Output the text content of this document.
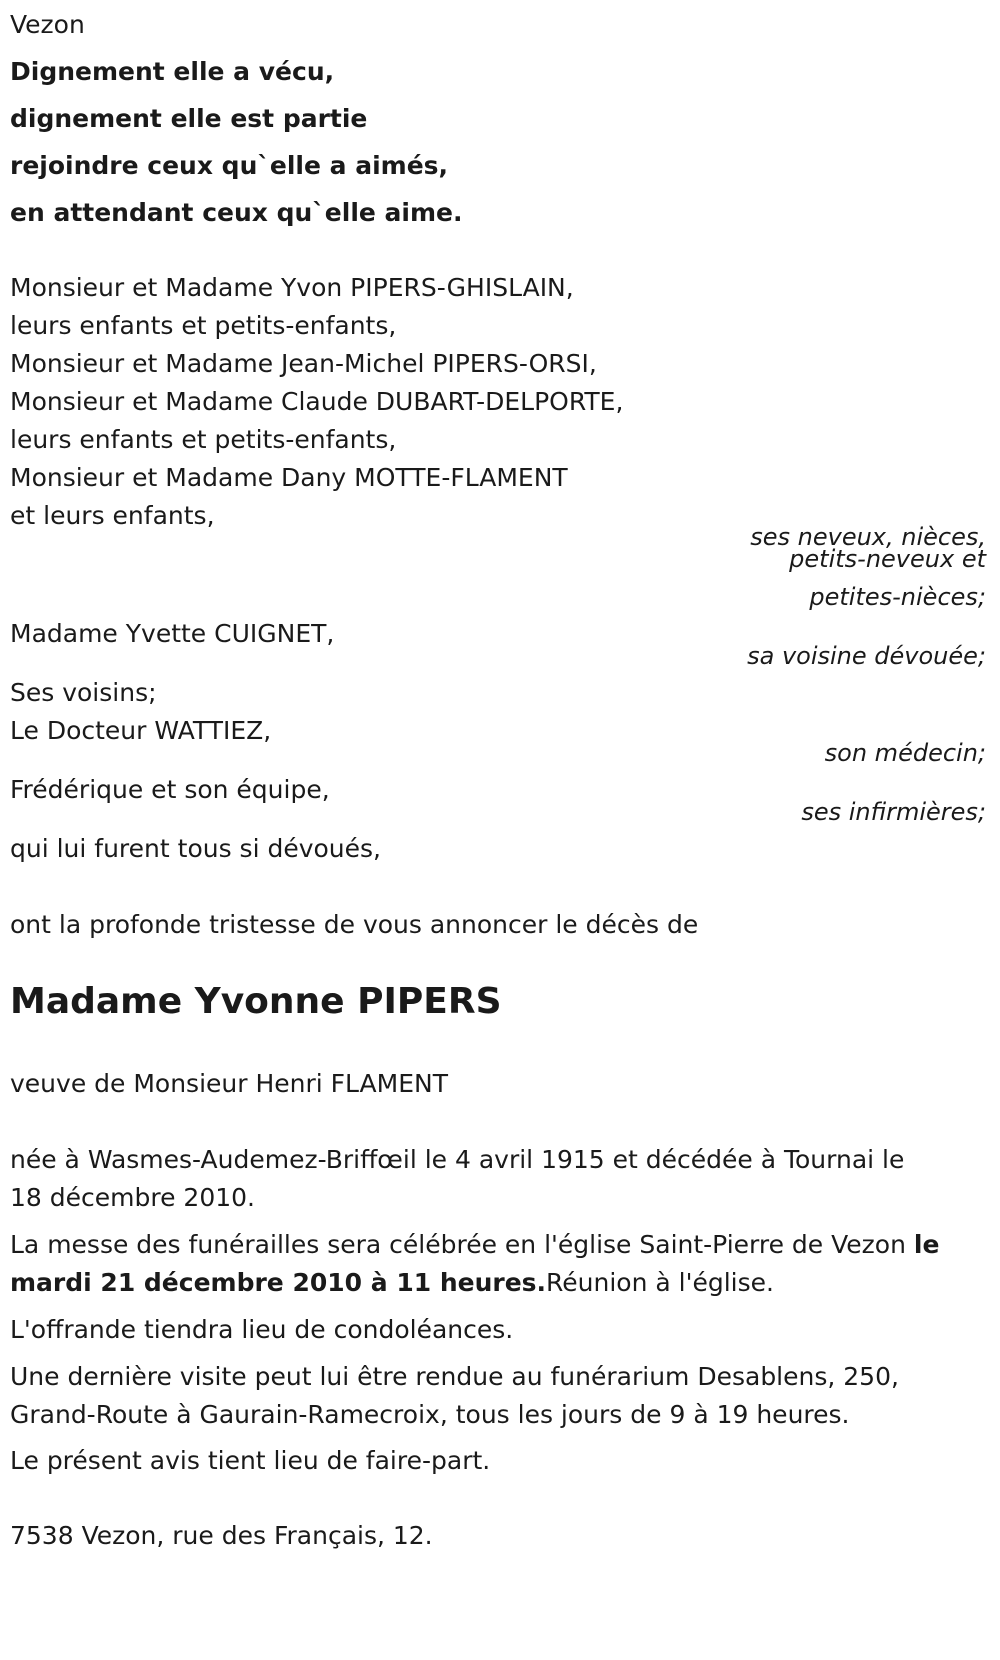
Vezon
Dignement elle a vécu,
dignement elle est partie
rejoindre ceux qu`elle a aimés,
en attendant ceux qu`elle aime.
Monsieur et Madame Yvon PIPERS-GHISLAIN,
leurs enfants et petits-enfants,
Monsieur et Madame Jean-Michel PIPERS-ORSI,
Monsieur et Madame Claude DUBART-DELPORTE,
leurs enfants et petits-enfants,
Monsieur et Madame Dany MOTTE-FLAMENT
et leurs enfants,
ses neveux, nièces,
petits-neveux et
petites-nièces;
Madame Yvette CUIGNET,
sa voisine dévouée;
Ses voisins;
Le Docteur WATTIEZ,
son médecin;
Frédérique et son équipe,
ses infirmières;
qui lui furent tous si dévoués,
ont la profonde tristesse de vous annoncer le décès de
Madame Yvonne PIPERS
veuve de Monsieur Henri FLAMENT
née à Wasmes-Audemez-Briffœil le 4 avril 1915 et décédée à Tournai le
18 décembre 2010.
La messe des funérailles sera célébrée en l'église Saint-Pierre de Vezon le
mardi 21 décembre 2010 à 11 heures.Réunion à l'église.
L'offrande tiendra lieu de condoléances.
Une dernière visite peut lui être rendue au funérarium Desablens, 250,
Grand-Route à Gaurain-Ramecroix, tous les jours de 9 à 19 heures.
Le présent avis tient lieu de faire-part.
7538 Vezon, rue des Français, 12.
